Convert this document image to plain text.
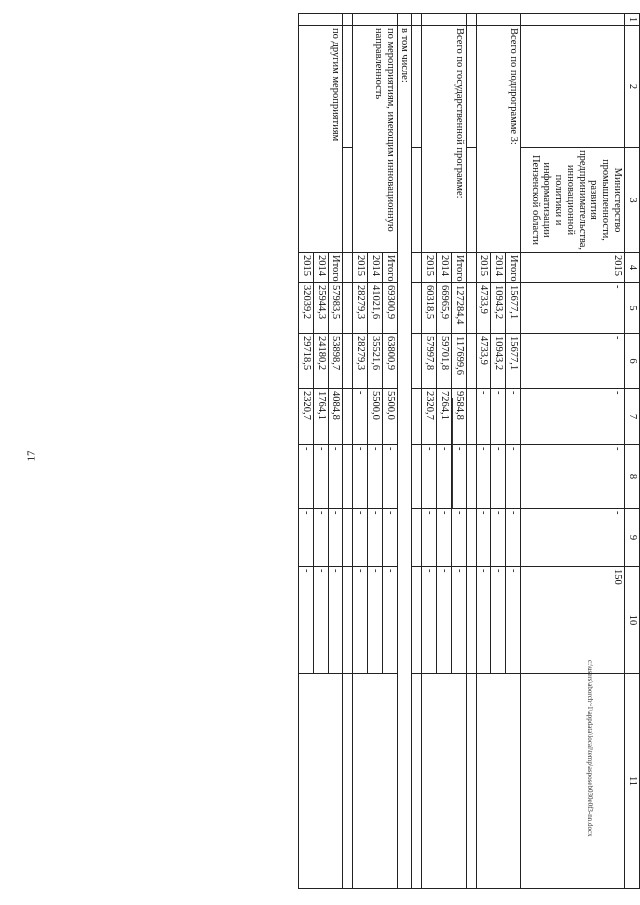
17
1	2	3	4	5	6	7	8	9	10	11
		Министерство промышленности, развития предпринимательства, инновационной политики и информатизации Пензенской области	2015	-	-	-	-	-	150	
	Всего по подпрограмме 3:		Итого	15677,1	15677,1	-	-	-	-	
			2014	10943,2	10943,2	-	-	-	-	
			2015	4733,9	4733,9	-	-	-	-	

	Всего по государственной программе:		Итого	127284,4	117699,6	9584,8	-	-	-	
			2014	66965,9	59701,8	7264,1	-	-	-	
			2015	60318,5	57997,8	2320,7	-	-	-	

	в том числе:									
	по мероприятиям, имеющим инновационную направленность		Итого	69300,9	63800,9	5500,0	-	-	-	
			2014	41021,6	35521,6	5500,0	-	-	-	
			2015	28279,3	28279,3	-	-	-	-	

	по другим мероприятиям		Итого	57983,5	53898,7	4084,8	-	-	-	
			2014	25944,3	24180,2	1764,1	-	-	-	
			2015	32039,2	29718,5	2320,7	-	-	-	
c:\users\aborch~1\appdata\local\temp\asposeb030e0f3-nn.docx
